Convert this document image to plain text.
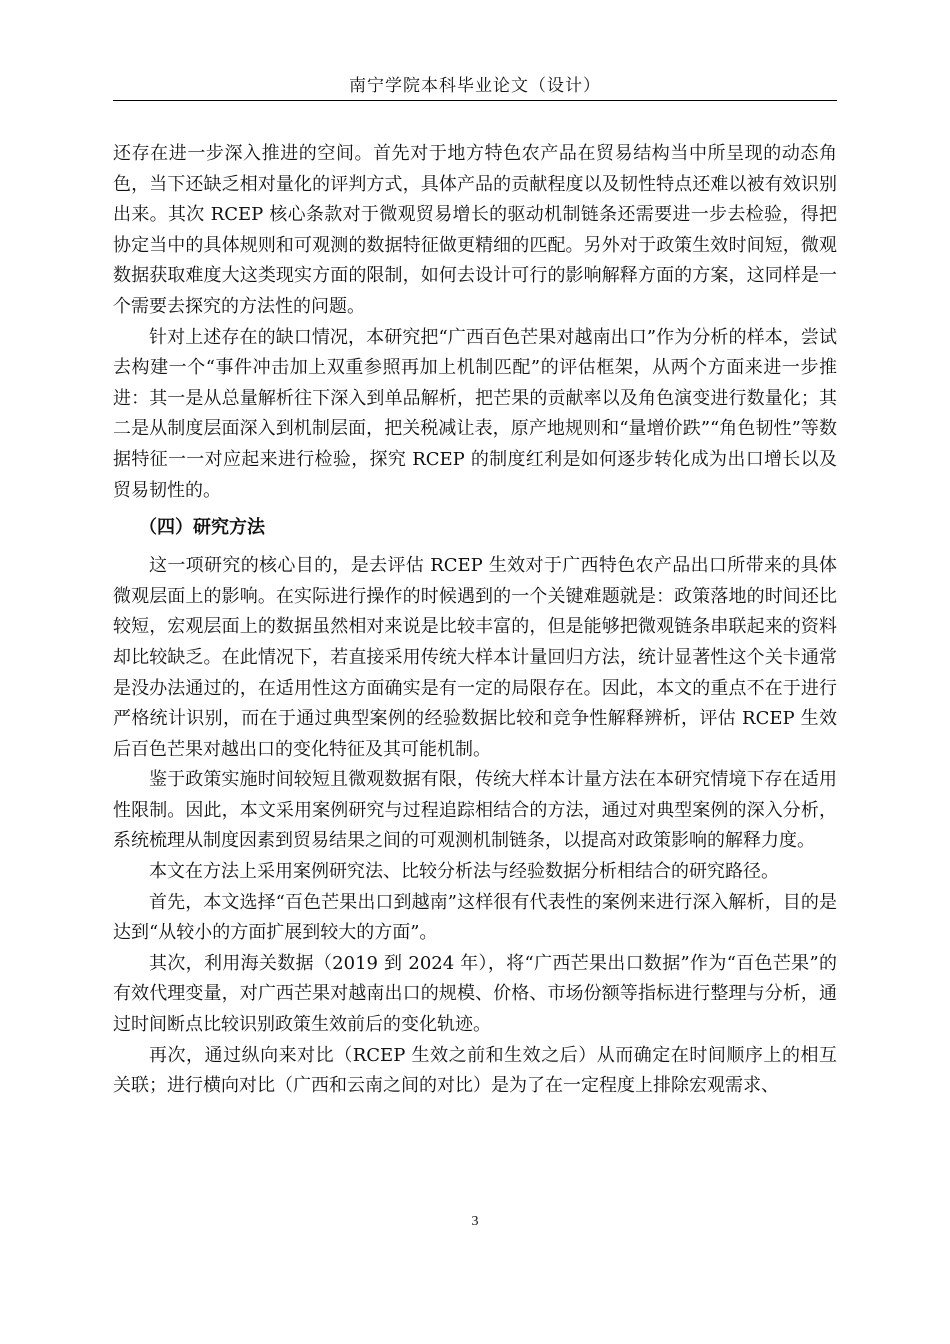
南宁学院本科毕业论文（设计）

还存在进一步深入推进的空间。首先对于地方特色农产品在贸易结构当中所呈现的动态角色，当下还缺乏相对量化的评判方式，具体产品的贡献程度以及韧性特点还难以被有效识别出来。其次 RCEP 核心条款对于微观贸易增长的驱动机制链条还需要进一步去检验，得把协定当中的具体规则和可观测的数据特征做更精细的匹配。另外对于政策生效时间短，微观数据获取难度大这类现实方面的限制，如何去设计可行的影响解释方面的方案，这同样是一个需要去探究的方法性的问题。

针对上述存在的缺口情况，本研究把“广西百色芒果对越南出口”作为分析的样本，尝试去构建一个“事件冲击加上双重参照再加上机制匹配”的评估框架，从两个方面来进一步推进：其一是从总量解析往下深入到单品解析，把芒果的贡献率以及角色演变进行数量化；其二是从制度层面深入到机制层面，把关税减让表，原产地规则和“量增价跌”“角色韧性”等数据特征一一对应起来进行检验，探究 RCEP 的制度红利是如何逐步转化成为出口增长以及贸易韧性的。

（四）研究方法

这一项研究的核心目的，是去评估 RCEP 生效对于广西特色农产品出口所带来的具体微观层面上的影响。在实际进行操作的时候遇到的一个关键难题就是：政策落地的时间还比较短，宏观层面上的数据虽然相对来说是比较丰富的，但是能够把微观链条串联起来的资料却比较缺乏。在此情况下，若直接采用传统大样本计量回归方法，统计显著性这个关卡通常是没办法通过的，在适用性这方面确实是有一定的局限存在。因此，本文的重点不在于进行严格统计识别，而在于通过典型案例的经验数据比较和竞争性解释辨析，评估 RCEP 生效后百色芒果对越出口的变化特征及其可能机制。

鉴于政策实施时间较短且微观数据有限，传统大样本计量方法在本研究情境下存在适用性限制。因此，本文采用案例研究与过程追踪相结合的方法，通过对典型案例的深入分析，系统梳理从制度因素到贸易结果之间的可观测机制链条，以提高对政策影响的解释力度。

本文在方法上采用案例研究法、比较分析法与经验数据分析相结合的研究路径。

首先，本文选择“百色芒果出口到越南”这样很有代表性的案例来进行深入解析，目的是达到“从较小的方面扩展到较大的方面”。

其次，利用海关数据（2019 到 2024 年），将“广西芒果出口数据”作为“百色芒果”的有效代理变量，对广西芒果对越南出口的规模、价格、市场份额等指标进行整理与分析，通过时间断点比较识别政策生效前后的变化轨迹。

再次，通过纵向来对比（RCEP 生效之前和生效之后）从而确定在时间顺序上的相互关联；进行横向对比（广西和云南之间的对比）是为了在一定程度上排除宏观需求、

3
